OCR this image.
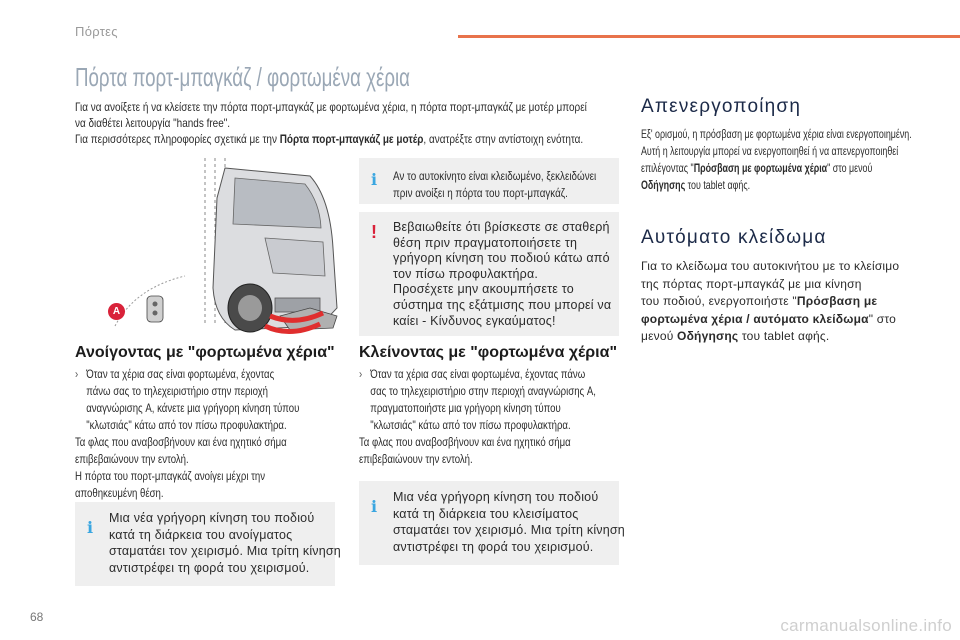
Πόρτες
Πόρτα πορτ-μπαγκάζ / φορτωμένα χέρια

Για να ανοίξετε ή να κλείσετε την πόρτα πορτ-μπαγκάζ με φορτωμένα χέρια, η πόρτα πορτ-μπαγκάζ με μοτέρ μπορεί

να διαθέτει λειτουργία "hands free".

Για περισσότερες πληροφορίες σχετικά με την Πόρτα πορτ-μπαγκάζ με μοτέρ, ανατρέξτε στην αντίστοιχη ενότητα.

A
i Αν το αυτοκίνητο είναι κλειδωμένο, ξεκλειδώνει
πριν ανοίξει η πόρτα του πορτ-μπαγκάζ.
! Βεβαιωθείτε ότι βρίσκεστε σε σταθερή
θέση πριν πραγματοποιήσετε τη
γρήγορη κίνηση του ποδιού κάτω από
τον πίσω προφυλακτήρα.
Προσέχετε μην ακουμπήσετε το
σύστημα της εξάτμισης που μπορεί να
καίει - Κίνδυνος εγκαύματος!
Ανοίγοντας με "φορτωμένα χέρια"
› Όταν τα χέρια σας είναι φορτωμένα, έχοντας
πάνω σας το τηλεχειριστήριο στην περιοχή
αναγνώρισης A, κάνετε μια γρήγορη κίνηση τύπου
"κλωτσιάς" κάτω από τον πίσω προφυλακτήρα.
Τα φλας που αναβοσβήνουν και ένα ηχητικό σήμα
επιβεβαιώνουν την εντολή.
Η πόρτα του πορτ-μπαγκάζ ανοίγει μέχρι την
αποθηκευμένη θέση.
i Μια νέα γρήγορη κίνηση του ποδιού
κατά τη διάρκεια του ανοίγματος
σταματάει τον χειρισμό. Μια τρίτη κίνηση
αντιστρέφει τη φορά του χειρισμού.
Κλείνοντας με "φορτωμένα χέρια"
› Όταν τα χέρια σας είναι φορτωμένα, έχοντας πάνω
σας το τηλεχειριστήριο στην περιοχή αναγνώρισης A,
πραγματοποιήστε μια γρήγορη κίνηση τύπου
"κλωτσιάς" κάτω από τον πίσω προφυλακτήρα.
Τα φλας που αναβοσβήνουν και ένα ηχητικό σήμα
επιβεβαιώνουν την εντολή.
i Μια νέα γρήγορη κίνηση του ποδιού
κατά τη διάρκεια του κλεισίματος
σταματάει τον χειρισμό. Μια τρίτη κίνηση
αντιστρέφει τη φορά του χειρισμού.
Απενεργοποίηση
Εξ' ορισμού, η πρόσβαση με φορτωμένα χέρια είναι ενεργοποιημένη.
Αυτή η λειτουργία μπορεί να ενεργοποιηθεί ή να απενεργοποιηθεί
επιλέγοντας "Πρόσβαση με φορτωμένα χέρια" στο μενού
Οδήγησης του tablet αφής.
Αυτόματο κλείδωμα
Για το κλείδωμα του αυτοκινήτου με το κλείσιμο
της πόρτας πορτ-μπαγκάζ με μια κίνηση
του ποδιού, ενεργοποιήστε "Πρόσβαση με
φορτωμένα χέρια / αυτόματο κλείδωμα" στο
μενού Οδήγησης του tablet αφής.
68	carmanualsonline.info
